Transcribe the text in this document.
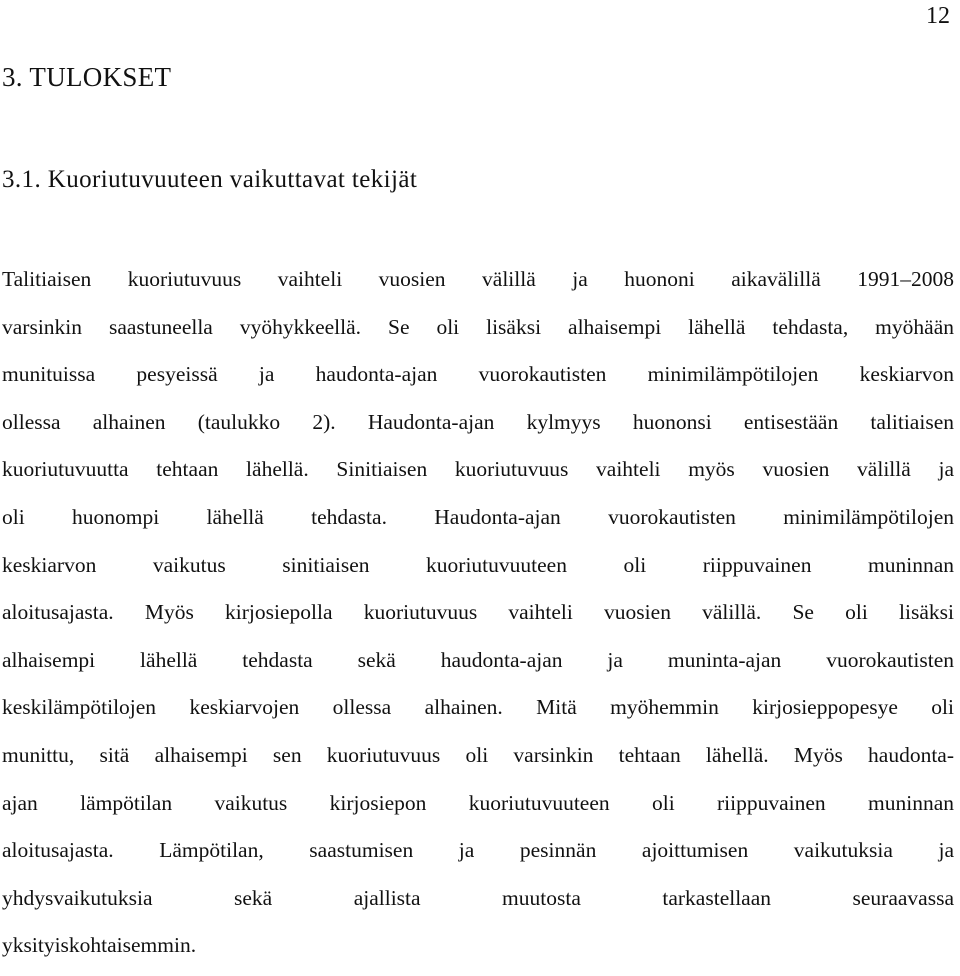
12
3. TULOKSET
3.1. Kuoriutuvuuteen vaikuttavat tekijät
Talitiaisen kuoriutuvuus vaihteli vuosien välillä ja huononi aikavälillä 1991–2008
varsinkin saastuneella vyöhykkeellä. Se oli lisäksi alhaisempi lähellä tehdasta, myöhään
munituissa pesyeissä ja haudonta-ajan vuorokautisten minimilämpötilojen keskiarvon
ollessa alhainen (taulukko 2). Haudonta-ajan kylmyys huononsi entisestään talitiaisen
kuoriutuvuutta tehtaan lähellä. Sinitiaisen kuoriutuvuus vaihteli myös vuosien välillä ja
oli huonompi lähellä tehdasta. Haudonta-ajan vuorokautisten minimilämpötilojen
keskiarvon vaikutus sinitiaisen kuoriutuvuuteen oli riippuvainen muninnan
aloitusajasta. Myös kirjosiepolla kuoriutuvuus vaihteli vuosien välillä. Se oli lisäksi
alhaisempi lähellä tehdasta sekä haudonta-ajan ja muninta-ajan vuorokautisten
keskilämpötilojen keskiarvojen ollessa alhainen. Mitä myöhemmin kirjosieppopesye oli
munittu, sitä alhaisempi sen kuoriutuvuus oli varsinkin tehtaan lähellä. Myös haudonta-
ajan lämpötilan vaikutus kirjosiepon kuoriutuvuuteen oli riippuvainen muninnan
aloitusajasta. Lämpötilan, saastumisen ja pesinnän ajoittumisen vaikutuksia ja
yhdysvaikutuksia sekä ajallista muutosta tarkastellaan seuraavassa
yksityiskohtaisemmin.
